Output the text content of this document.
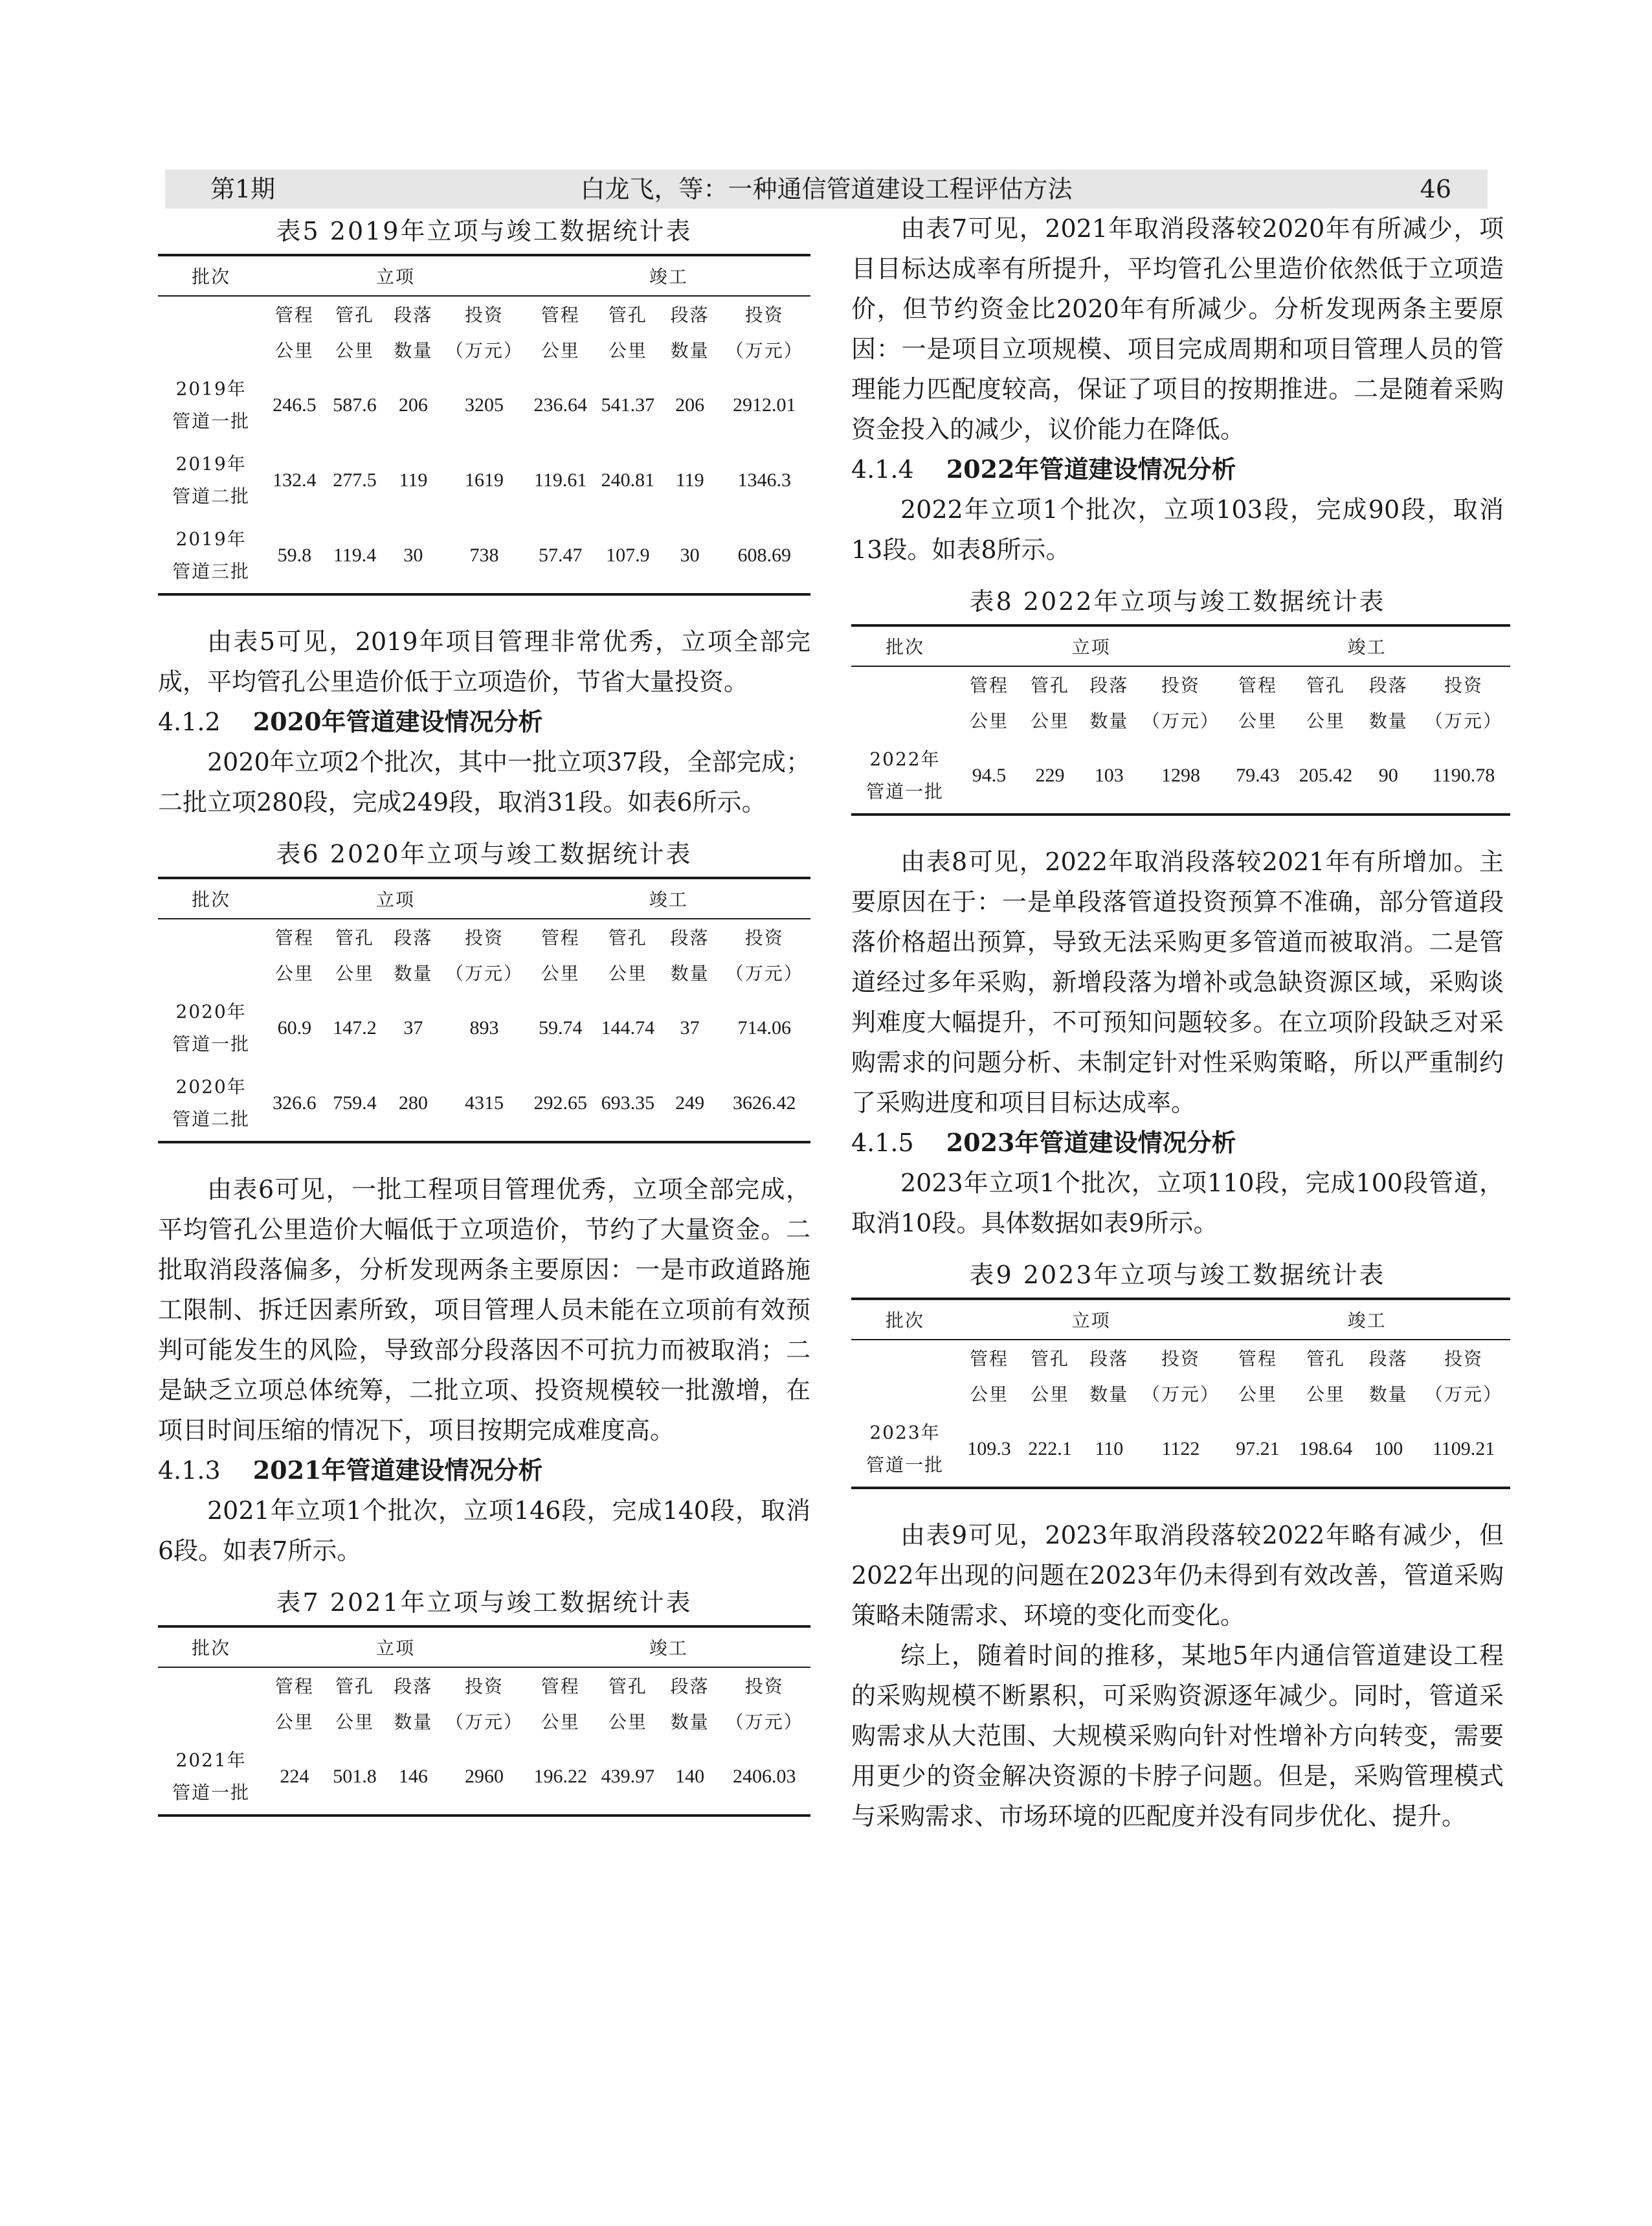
第1期	白龙飞，等：一种通信管道建设工程评估方法	46
表5 2019年立项与竣工数据统计表
批次	立项				竣工			
	管程	管孔	段落	投资	管程	管孔	段落	投资
	公里	公里	数量	（万元）	公里	公里	数量	（万元）
2019年
管道一批	246.5	587.6	206	3205	236.64	541.37	206	2912.01
2019年
管道二批	132.4	277.5	119	1619	119.61	240.81	119	1346.3
2019年
管道三批	59.8	119.4	30	738	57.47	107.9	30	608.69

由表5可见，2019年项目管理非常优秀，立项全部完成，平均管孔公里造价低于立项造价，节省大量投资。

4.1.2 2020年管道建设情况分析

2020年立项2个批次，其中一批立项37段，全部完成；二批立项280段，完成249段，取消31段。如表6所示。

表6 2020年立项与竣工数据统计表
批次	立项				竣工			
	管程	管孔	段落	投资	管程	管孔	段落	投资
	公里	公里	数量	（万元）	公里	公里	数量	（万元）
2020年
管道一批	60.9	147.2	37	893	59.74	144.74	37	714.06
2020年
管道二批	326.6	759.4	280	4315	292.65	693.35	249	3626.42

由表6可见，一批工程项目管理优秀，立项全部完成，平均管孔公里造价大幅低于立项造价，节约了大量资金。二批取消段落偏多，分析发现两条主要原因：一是市政道路施工限制、拆迁因素所致，项目管理人员未能在立项前有效预判可能发生的风险，导致部分段落因不可抗力而被取消；二是缺乏立项总体统筹，二批立项、投资规模较一批激增，在项目时间压缩的情况下，项目按期完成难度高。

4.1.3 2021年管道建设情况分析

2021年立项1个批次，立项146段，完成140段，取消6段。如表7所示。

表7 2021年立项与竣工数据统计表
批次	立项				竣工			
	管程	管孔	段落	投资	管程	管孔	段落	投资
	公里	公里	数量	（万元）	公里	公里	数量	（万元）
2021年
管道一批	224	501.8	146	2960	196.22	439.97	140	2406.03

由表7可见，2021年取消段落较2020年有所减少，项目目标达成率有所提升，平均管孔公里造价依然低于立项造价，但节约资金比2020年有所减少。分析发现两条主要原因：一是项目立项规模、项目完成周期和项目管理人员的管理能力匹配度较高，保证了项目的按期推进。二是随着采购资金投入的减少，议价能力在降低。

4.1.4 2022年管道建设情况分析

2022年立项1个批次，立项103段，完成90段，取消13段。如表8所示。

表8 2022年立项与竣工数据统计表
批次	立项				竣工			
	管程	管孔	段落	投资	管程	管孔	段落	投资
	公里	公里	数量	（万元）	公里	公里	数量	（万元）
2022年
管道一批	94.5	229	103	1298	79.43	205.42	90	1190.78

由表8可见，2022年取消段落较2021年有所增加。主要原因在于：一是单段落管道投资预算不准确，部分管道段落价格超出预算，导致无法采购更多管道而被取消。二是管道经过多年采购，新增段落为增补或急缺资源区域，采购谈判难度大幅提升，不可预知问题较多。在立项阶段缺乏对采购需求的问题分析、未制定针对性采购策略，所以严重制约了采购进度和项目目标达成率。

4.1.5 2023年管道建设情况分析

2023年立项1个批次，立项110段，完成100段管道，取消10段。具体数据如表9所示。

表9 2023年立项与竣工数据统计表
批次	立项				竣工			
	管程	管孔	段落	投资	管程	管孔	段落	投资
	公里	公里	数量	（万元）	公里	公里	数量	（万元）
2023年
管道一批	109.3	222.1	110	1122	97.21	198.64	100	1109.21

由表9可见，2023年取消段落较2022年略有减少，但2022年出现的问题在2023年仍未得到有效改善，管道采购策略未随需求、环境的变化而变化。

综上，随着时间的推移，某地5年内通信管道建设工程的采购规模不断累积，可采购资源逐年减少。同时，管道采购需求从大范围、大规模采购向针对性增补方向转变，需要用更少的资金解决资源的卡脖子问题。但是，采购管理模式与采购需求、市场环境的匹配度并没有同步优化、提升。
